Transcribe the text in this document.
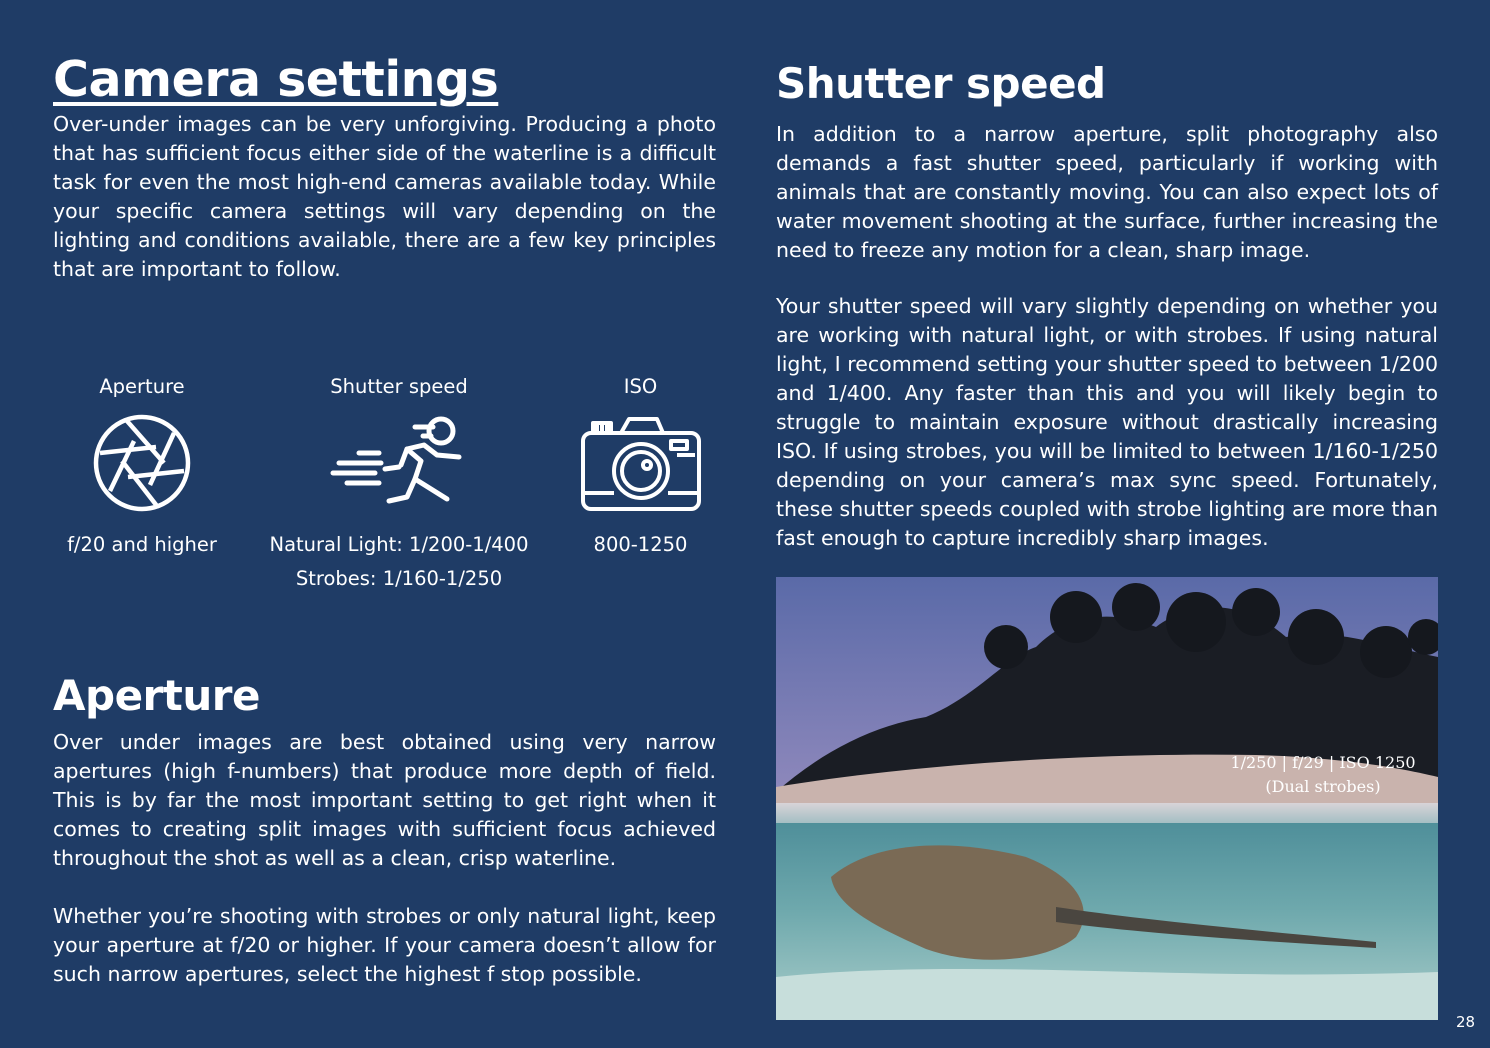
Camera settings

Over-under images can be very unforgiving. Producing a photo that has sufficient focus either side of the waterline is a difficult task for even the most high-end cameras available today. While your specific camera settings will vary depending on the lighting and conditions available, there are a few key principles that are important to follow.

Aperture
f/20 and higher
Shutter speed
Natural Light: 1/200-1/400
Strobes: 1/160-1/250
ISO
800-1250
Aperture

Over under images are best obtained using very narrow apertures (high f-numbers) that produce more depth of field. This is by far the most important setting to get right when it comes to creating split images with sufficient focus achieved throughout the shot as well as a clean, crisp waterline.

Whether you’re shooting with strobes or only natural light, keep your aperture at f/20 or higher. If your camera doesn’t allow for such narrow apertures, select the highest f stop possible.

Shutter speed

In addition to a narrow aperture, split photography also demands a fast shutter speed, particularly if working with animals that are constantly moving. You can also expect lots of water movement shooting at the surface, further increasing the need to freeze any motion for a clean, sharp image.

Your shutter speed will vary slightly depending on whether you are working with natural light, or with strobes. If using natural light, I recommend setting your shutter speed to between 1/200 and 1/400. Any faster than this and you will likely begin to struggle to maintain exposure without drastically increasing ISO. If using strobes, you will be limited to between 1/160-1/250 depending on your camera’s max sync speed. Fortunately, these shutter speeds coupled with strobe lighting are more than fast enough to capture incredibly sharp images.

1/250 | f/29 | ISO 1250
(Dual strobes)
28
